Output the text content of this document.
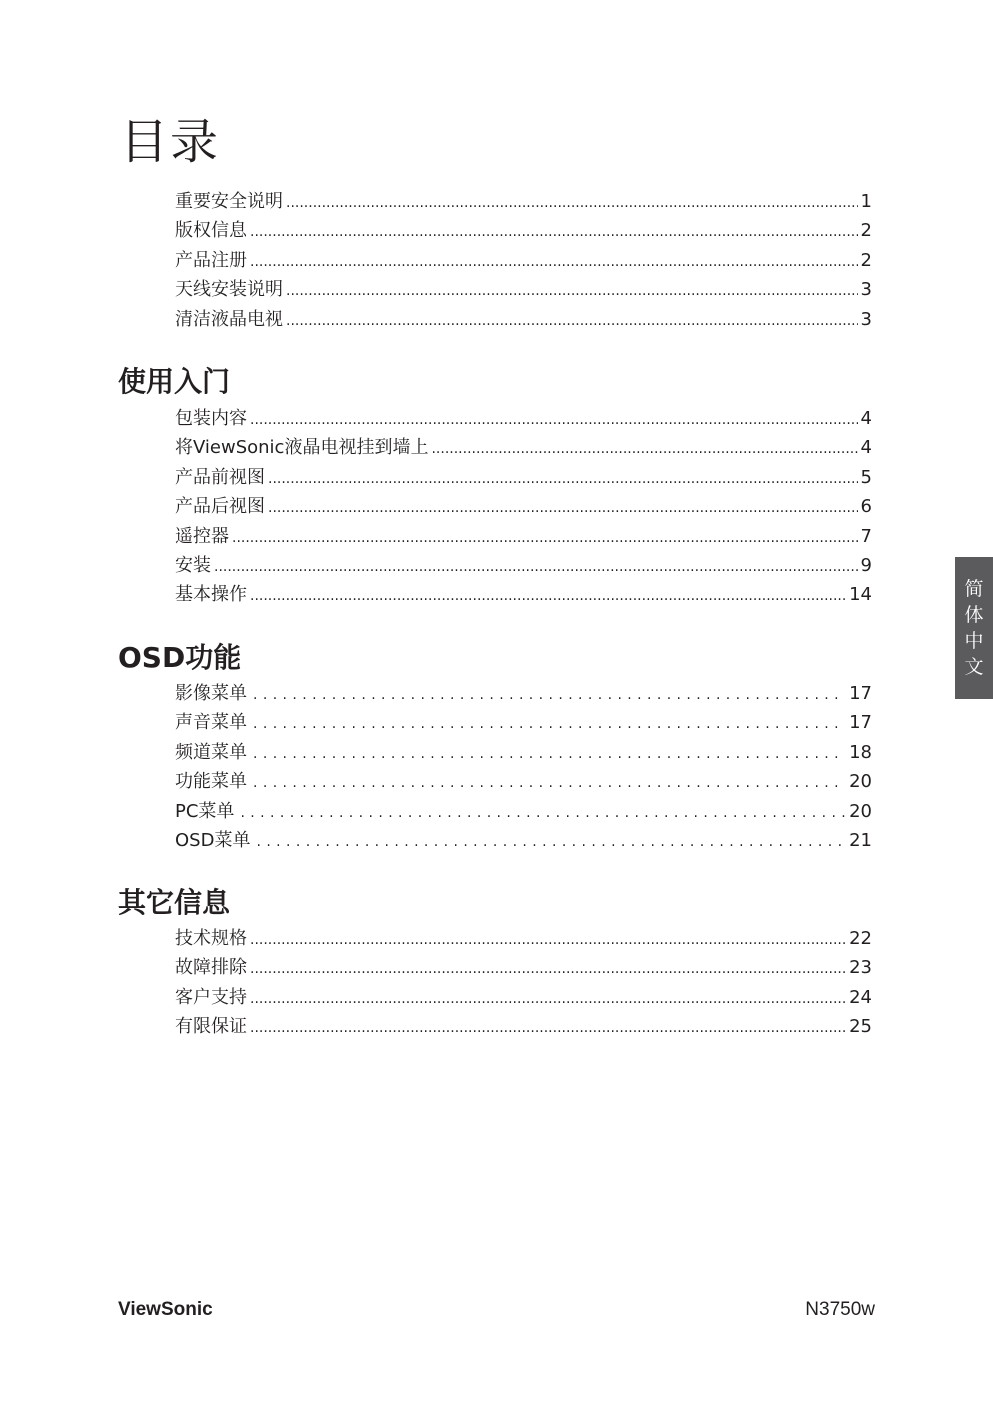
目录
重要安全说明 .....	1
版权信息 .....	2
产品注册 .....	2
天线安装说明 .....	3
清洁液晶电视 .....	3
使用入门
包装内容 .....	4
将ViewSonic液晶电视挂到墙上 .....	4
产品前视图 .....	5
产品后视图 .....	6
遥控器 .....	7
安装 .....	9
基本操作 .....	14
OSD功能
影像菜单 .....	17
声音菜单 .....	17
频道菜单 .....	18
功能菜单 .....	20
PC菜单 .....	20
OSD菜单 .....	21
其它信息
技术规格 .....	22
故障排除 .....	23
客户支持 .....	24
有限保证 .....	25
简
体
中
文
ViewSonic	N3750w
